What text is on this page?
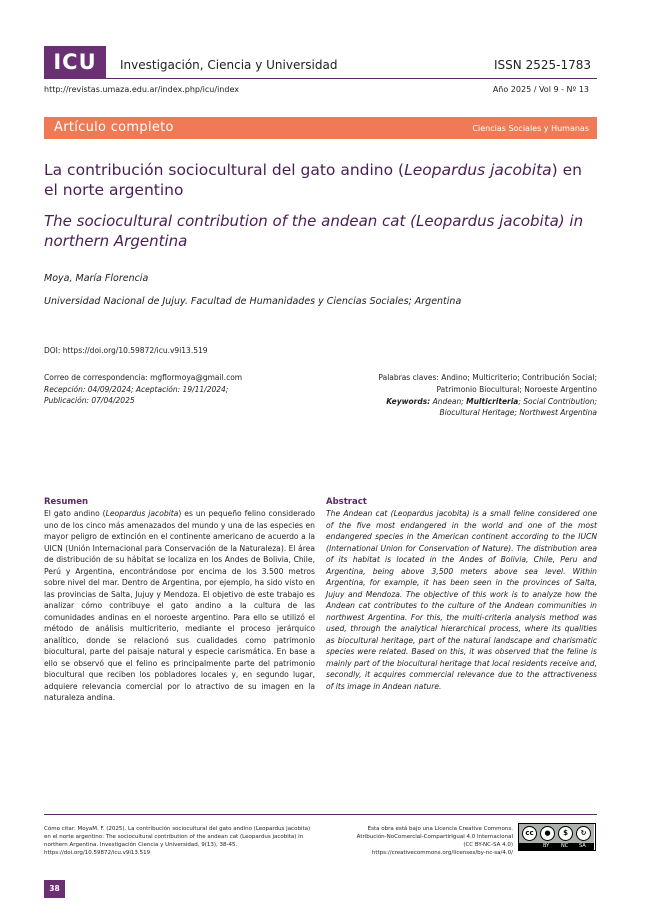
ICU	Investigación, Ciencia y Universidad	ISSN 2525-1783
http://revistas.umaza.edu.ar/index.php/icu/index	Año 2025 / Vol 9 - Nº 13
Artículo completo	Ciencias Sociales y Humanas
La contribución sociocultural del gato andino (Leopardus jacobita) en el norte argentino
The sociocultural contribution of the andean cat (Leopardus jacobita) in northern Argentina
Moya, María Florencia
Universidad Nacional de Jujuy. Facultad de Humanidades y Ciencias Sociales; Argentina
DOI: https://doi.org/10.59872/icu.v9i13.519
Correo de correspondencia: mgflormoya@gmail.com
Recepción: 04/09/2024; Aceptación: 19/11/2024;
Publicación: 07/04/2025
Palabras claves: Andino; Multicriterio; Contribución Social;
Patrimonio Biocultural; Noroeste Argentino
Keywords: Andean; Multicriteria; Social Contribution;
Biocultural Heritage; Northwest Argentina
Resumen

El gato andino (Leopardus jacobita) es un pequeño felino considerado uno de los cinco más amenazados del mundo y una de las especies en mayor peligro de extinción en el continente americano de acuerdo a la UICN (Unión Internacional para Conservación de la Naturaleza). El área de distribución de su hábitat se localiza en los Andes de Bolivia, Chile, Perú y Argentina, encontrándose por encima de los 3.500 metros sobre nivel del mar. Dentro de Argentina, por ejemplo, ha sido visto en las provincias de Salta, Jujuy y Mendoza. El objetivo de este trabajo es analizar cómo contribuye el gato andino a la cultura de las comunidades andinas en el noroeste argentino. Para ello se utilizó el método de análisis multicriterio, mediante el proceso jerárquico analítico, donde se relacionó sus cualidades como patrimonio biocultural, parte del paisaje natural y especie carismática. En base a ello se observó que el felino es principalmente parte del patrimonio biocultural que reciben los pobladores locales y, en segundo lugar, adquiere relevancia comercial por lo atractivo de su imagen en la naturaleza andina.

Abstract

The Andean cat (Leopardus jacobita) is a small feline considered one of the five most endangered in the world and one of the most endangered species in the American continent according to the IUCN (International Union for Conservation of Nature). The distribution area of its habitat is located in the Andes of Bolivia, Chile, Peru and Argentina, being above 3,500 meters above sea level. Within Argentina, for example, it has been seen in the provinces of Salta, Jujuy and Mendoza. The objective of this work is to analyze how the Andean cat contributes to the culture of the Andean communities in northwest Argentina. For this, the multi-criteria analysis method was used, through the analytical hierarchical process, where its qualities as biocultural heritage, part of the natural landscape and charismatic species were related. Based on this, it was observed that the feline is mainly part of the biocultural heritage that local residents receive and, secondly, it acquires commercial relevance due to the attractiveness of its image in Andean nature.

Cómo citar: MoyaM. F. (2025). La contribución sociocultural del gato andino (Leopardus jacobita) en el norte argentino: The sociocultural contribution of the andean cat (Leopardus jacobita) in northern Argentina. Investigación Ciencia y Universidad, 9(13), 38-45. https://doi.org/10.59872/icu.v9i13.519
Esta obra está bajo una Licencia Creative Commons.
Atribución-NoComercial-CompartirIgual 4.0 Internacional
(CC BY-NC-SA 4.0)
https://creativecommons.org/licenses/by-nc-sa/4.0/
cc	●	$	↻
BY NC SA
38
